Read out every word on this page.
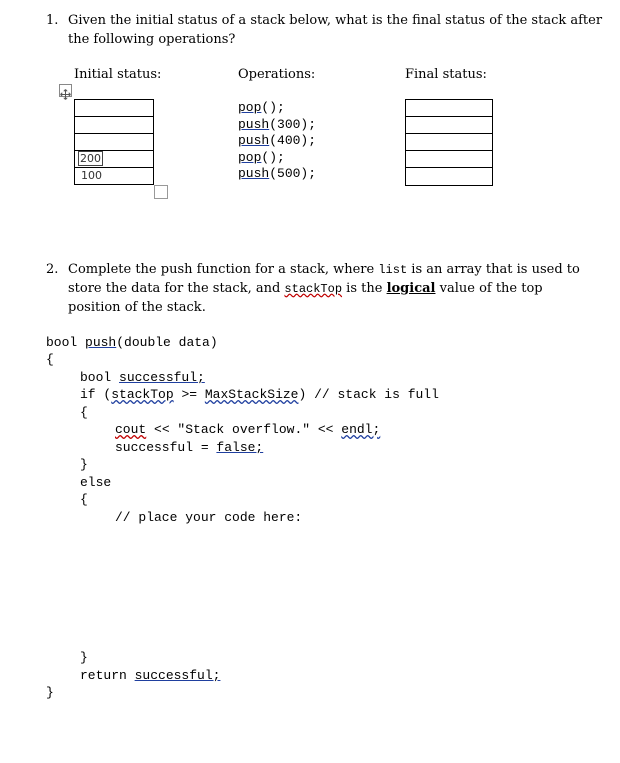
1. Given the initial status of a stack below, what is the final status of the stack after
the following operations?
Initial status:	Operations:	Final status:
200
100
pop();
push(300);
push(400);
pop();
push(500);
2. Complete the push function for a stack, where list is an array that is used to
store the data for the stack, and stackTop is the logical value of the top
position of the stack.
bool push(double data)
{
bool successful;
if (stackTop >= MaxStackSize) // stack is full
{
cout << "Stack overflow." << endl;
successful = false;
}
else
{
// place your code here:
}
return successful;
}
